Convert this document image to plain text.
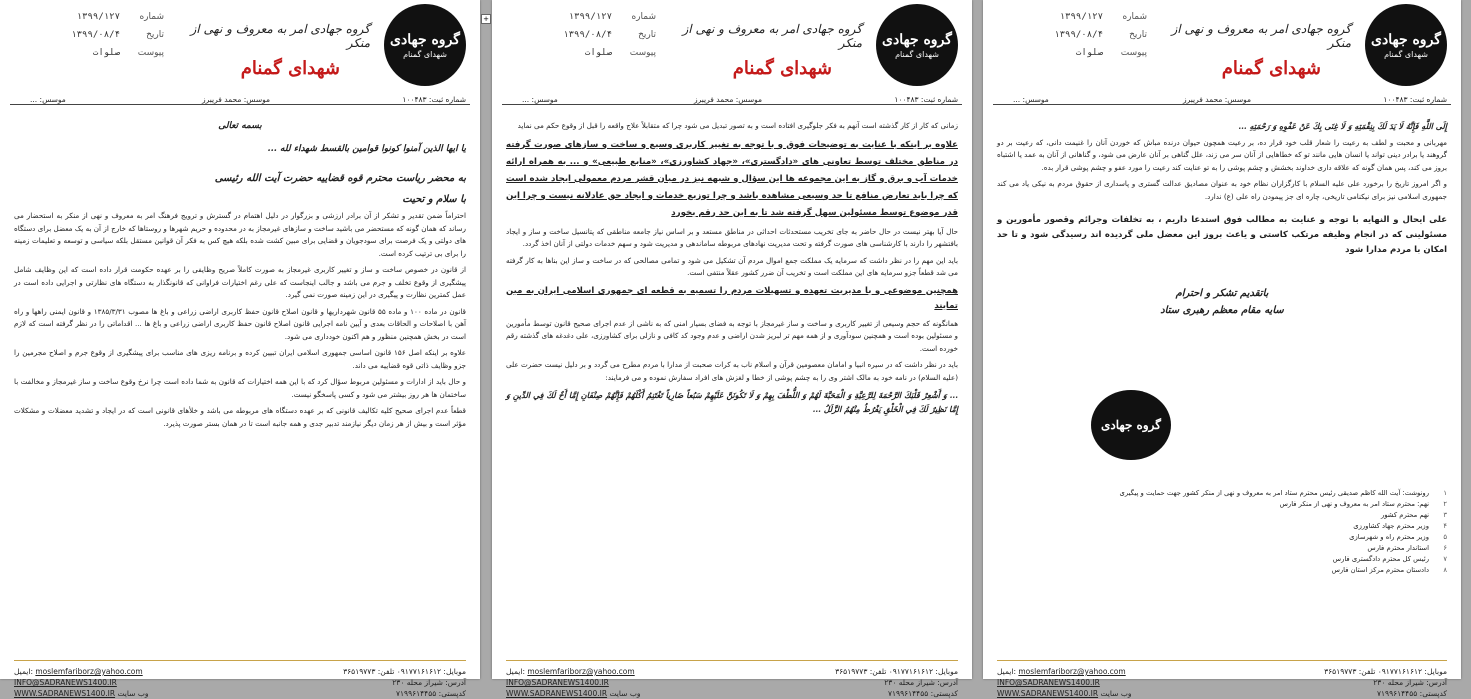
شماره
۱۳۹۹/۱۲۷
تاریخ
۱۳۹۹/۰۸/۴
پیوست
صلوات
گروه جهادی امر به معروف و نهی از منکر
شهدای گمنام
گروه جهادی
شهدای گمنام
شماره ثبت: ۱۰۰۴۸۳
موسس: محمد فریبرز
موسس: ...

بسمه تعالی

یا ایها الذین آمنوا کونوا قوامین بالقسط شهداء لله ...

به محضر ریاست محترم قوه قضاییه حضرت آیت الله رئیسی

با سلام و تحیت

احتراماً ضمن تقدیر و تشکر از آن برادر ارزشی و بزرگوار در دلیل اهتمام در گسترش و ترویج فرهنگ امر به معروف و نهی از منکر به استحضار می رساند که همان گونه که مستحضر می باشید ساخت و سازهای غیرمجاز به در محدوده و حریم شهرها و روستاها که خارج از آن به یک معضل برای دستگاه های دولتی و یک فرصت برای سودجویان و قضایی برای مبین کشت شده بلکه هیچ کس به فکر آن قوانین مستقل بلکه سیاسی و توسعه و تعلیمات زمینه را برای بی ترتیب کرده است.

از قانون در خصوص ساخت و ساز و تغییر کاربری غیرمجاز به صورت کاملاً صریح وظایفی را بر عهده حکومت قرار داده است که این وظایف شامل پیشگیری از وقوع تخلف و جرم می باشد و جالب اینجاست که علی رغم اختیارات فراوانی که قانونگذار به دستگاه های نظارتی و اجرایی داده است در عمل کمترین نظارت و پیگیری در این زمینه صورت نمی گیرد.

قانون در ماده ۱۰۰ و ماده ۵۵ قانون شهرداریها و قانون اصلاح قانون حفظ کاربری اراضی زراعی و باغ ها مصوب ۱۳۸۵/۳/۳۱ و قانون ایمنی راهها و راه آهن با اصلاحات و الحاقات بعدی و آیین نامه اجرایی قانون اصلاح قانون حفظ کاربری اراضی زراعی و باغ ها ... اقداماتی را در نظر گرفته است که لازم است در بخش همچنین منظور و هم اکنون خودداری می شود.

علاوه بر اینکه اصل ۱۵۶ قانون اساسی جمهوری اسلامی ایران تبیین کرده و برنامه ریزی های مناسب برای پیشگیری از وقوع جرم و اصلاح مجرمین را جزو وظایف ذاتی قوه قضاییه می داند.

و حال باید از ادارات و مسئولین مربوط سؤال کرد که با این همه اختیارات که قانون به شما داده است چرا نرخ وقوع ساخت و ساز غیرمجاز و مخالفت با ساختمان ها هر روز بیشتر می شود و کسی پاسخگو نیست.

قطعاً عدم اجرای صحیح کلیه تکالیف قانونی که بر عهده دستگاه های مربوطه می باشد و خلأهای قانونی است که در ایجاد و تشدید معضلات و مشکلات مؤثر است و بیش از هر زمان دیگر نیازمند تدبیر جدی و همه جانبه است تا در همان بستر صورت پذیرد.

ایمیل: moslemfariborz@yahoo.com
INFO@SADRANEWS1400.IR
WWW.SADRANEWS1400.IR وب سایت
موبایل: ۰۹۱۷۷۱۶۱۶۱۲ تلفن: ۳۶۵۱۹۷۷۳
آدرس: شیراز محله ۲۳۰
کدپستی: ۷۱۹۹۶۱۴۴۵۵
+	شماره
۱۳۹۹/۱۲۷
تاریخ
۱۳۹۹/۰۸/۴
پیوست
صلوات
گروه جهادی امر به معروف و نهی از منکر
شهدای گمنام
گروه جهادی
شهدای گمنام
شماره ثبت: ۱۰۰۴۸۳
موسس: محمد فریبرز
موسس: ...

زمانی که کار از کار گذشته است آنهم به فکر جلوگیری افتاده است و به تصور تبدیل می شود چرا که متقابلاً علاج واقعه را قبل از وقوع حکم می نماید

علاوه بر اینکه با عنایت به توضیحات فوق و با توجه به تغییر کاربری وسیع و ساخت و سازهای صورت گرفته در مناطق مختلف توسط تعاونی های «دادگستری»، «جهاد کشاورزی»، «منابع طبیعی» و ... به همراه ارائه خدمات آب و برق و گاز به این مجموعه ها این سؤال و شبهه نیز در میان قشر مردم معمولی ایجاد شده است که چرا باید تعارض منافع تا حد وسیعی مشاهده باشد و چرا توزیع خدمات و ایجاد حق عادلانه نیست و چرا این قدر موضوع توسط مسئولین سهل گرفته شد تا به این حد رقم بخورد

حال آیا بهتر نیست در حال حاضر به جای تخریب مستحدثات احداثی در مناطق مستعد و بر اساس نیاز جامعه مناطقی که پتانسیل ساخت و ساز و ایجاد بافتشهر را دارند با کارشناسی های صورت گرفته و تحت مدیریت نهادهای مربوطه ساماندهی و مدیریت شود و سهم خدمات دولتی از آنان اخذ گردد.

باید این مهم را در نظر داشت که سرمایه یک مملکت جمع اموال مردم آن تشکیل می شود و تمامی مصالحی که در ساخت و ساز این بناها به کار گرفته می شد قطعاً جزو سرمایه های این مملکت است و تخریب آن ضرر کشور عقلاً منتفی است.

همچنین موضوعی و با مدیریت تعهده و تسهیلات مردم را تسمیه به قطعه ای جمهوری اسلامی ایران به مین تمایند

همانگونه که حجم وسیعی از تغییر کاربری و ساخت و ساز غیرمجاز با توجه به فضای بسیار امنی که به ناشی از عدم اجرای صحیح قانون توسط مأمورین و مسئولین بوده است و همچنین سودآوری و از همه مهم تر لبریز شدن اراضی و عدم وجود کد کافی و نازلی برای کشاورزی، علی دغدغه های گذشته رقم خورده است.

باید در نظر داشت که در سیره انبیا و امامان معصومین قرآن و اسلام ناب به کرات صحبت از مدارا با مردم مطرح می گردد و بر دلیل نیست حضرت علی (علیه السلام) در نامه خود به مالک اشتر وی را به چشم پوشی از خطا و لغزش های افراد سفارش نموده و می فرمایند:

... وَ أَشْعِرْ قَلْبَكَ الرَّحْمَةَ لِلرَّعِيَّةِ وَ الْمَحَبَّةَ لَهُمْ وَ اللُّطْفَ بِهِمْ وَ لَا تَكُونَنَّ عَلَيْهِمْ سَبُعاً ضَارِياً تَغْتَنِمُ أَكْلَهُمْ فَإِنَّهُمْ صِنْفَانِ إِمَّا أَخٌ لَكَ فِي الدِّينِ وَ إِمَّا نَظِيرٌ لَكَ فِي الْخَلْقِ يَفْرُطُ مِنْهُمُ الزَّلَلُ ...

ایمیل: moslemfariborz@yahoo.com
INFO@SADRANEWS1400.IR
WWW.SADRANEWS1400.IR وب سایت
موبایل: ۰۹۱۷۷۱۶۱۶۱۲ تلفن: ۳۶۵۱۹۷۷۳
آدرس: شیراز محله ۲۳۰
کدپستی: ۷۱۹۹۶۱۴۴۵۵
شماره
۱۳۹۹/۱۲۷
تاریخ
۱۳۹۹/۰۸/۴
پیوست
صلوات
گروه جهادی امر به معروف و نهی از منکر
شهدای گمنام
گروه جهادی
شهدای گمنام
شماره ثبت: ۱۰۰۴۸۳
موسس: محمد فریبرز
موسس: ...

إِلَى اللَّهِ فَإِنَّهُ لَا يَدَ لَكَ بِنِقْمَتِهِ وَ لَا غِنَى بِكَ عَنْ عَفْوِهِ وَ رَحْمَتِهِ ...

مهربانی و محبت و لطف به رعیت را شعار قلب خود قرار ده، بر رعیت همچون حیوان درنده مباش که خوردن آنان را غنیمت دانی، که رعیت بر دو گروهند یا برادر دینی تواند یا انسان هایی مانند تو که خطاهایی از آنان سر می زند، علل گناهی بر آنان عارض می شود، و گناهانی از آنان به عمد یا اشتباه بروز می کند، پس همان گونه که علاقه داری خداوند بخشش و چشم پوشی را به تو عنایت کند رعیت را مورد عفو و چشم پوشی قرار بده.

و اگر امروز تاریخ را برخورد علی علیه السلام با کارگزاران نظام خود به عنوان مصادیق عدالت گستری و پاسداری از حقوق مردم به نیکی یاد می کند جمهوری اسلامی نیز برای نیکنامی تاریخی، چاره ای جز پیمودن راه علی (ع) ندارد.

علی ایحال و النهایه با توجه و عنایت به مطالب فوق استدعا داریم ، به تخلفات وجرائم وقصور مأمورین و مسئولینی که در انجام وظیفه مرتکب کاستی و یاعث بروز این معضل ملی گردیده اند رسیدگی شود و تا حد امکان با مردم مدارا شود

باتقدیم تشکر و احترام

سایه مقام معظم رهبری ستاد

گروه جهادی
۱
رونوشت: آیت الله کاظم صدیقی رئیس محترم ستاد امر به معروف و نهی از منکر کشور جهت حمایت و پیگیری
۲
نهم: محترم ستاد امر به معروف و نهی از منکر فارس
۳
نهم محترم کشور
۴
وزیر محترم جهاد کشاورزی
۵
وزیر محترم راه و شهرسازی
۶
استاندار محترم فارس
۷
رئیس کل محترم دادگستری فارس
۸
دادستان محترم مرکز استان فارس
ایمیل: moslemfariborz@yahoo.com
INFO@SADRANEWS1400.IR
WWW.SADRANEWS1400.IR وب سایت
موبایل: ۰۹۱۷۷۱۶۱۶۱۲ تلفن: ۳۶۵۱۹۷۷۳
آدرس: شیراز محله ۲۳۰
کدپستی: ۷۱۹۹۶۱۴۴۵۵
